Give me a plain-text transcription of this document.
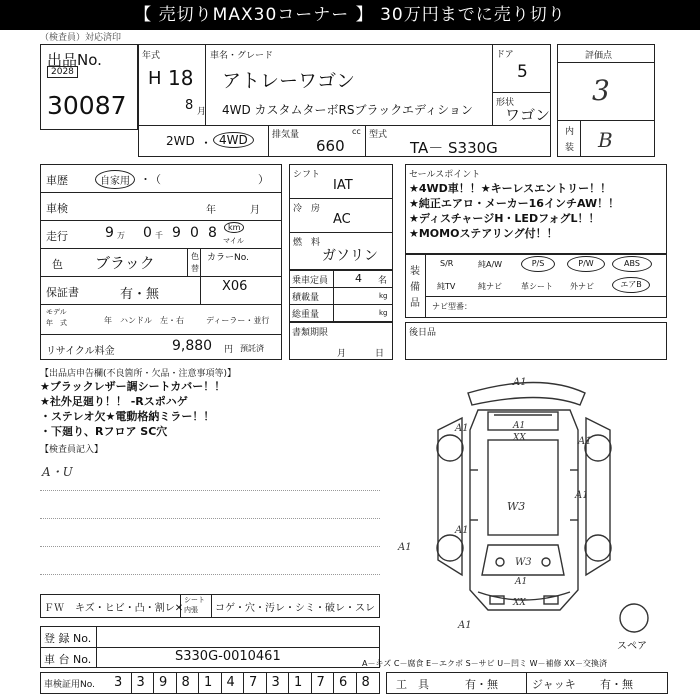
【 売切りMAX30コーナー 】 30万円までに売り切り
（検査員）対応済印
出品No.
2028
30087
年式
H 18
8 月
車名・グレード
アトレーワゴン
4WD カスタムターボRSブラックエディション
ドア
5
形状
ワゴン
2WD ・ 4WD	排気量	cc
660
型式
TA－ S330G
評価点
3
内
装 B
車歴	自家用 ・ （	）
車検	年	月
走行	9 万 0 千 9 0 8	km
マイル
色 ブラック	色
替
カラーNo.
X06
保証書	有・無
モデル
年　式	年 ハンドル　左・右	ディーラー・並行
リサイクル料金	9,880 円 預託済
シフト
IAT
冷　房
AC
燃　料
ガソリン
乗車定員 4 名
積載量	kg
総重量	kg
書類期限
月	日
セールスポイント
★4WD車！！★キーレスエントリー！！
★純正エアロ・メーカー16インチAW！！
★ディスチャージH・LEDフォグL！！
★MOMOステアリング付！！
装
備
品
S/R	純A/W	P/S	P/W	ABS
純TV	純ナビ 革シート 外ナビ	エアB
ナビ型番：
後日品
【出品店申告欄(不良箇所・欠品・注意事項等)】
★ブラックレザー調シートカバー！！
★社外足廻り！！ -Rスポハゲ
・ステレオ欠★電動格納ミラー！！
・下廻り、Rフロア SC穴
【検査員記入】
A・U
A1
A1	A1
XX	A1
W3
A1
A1
A1
W3
A1
XX
A1
スペア
ＦＷ キズ・ヒビ・凸・割レ✕
シート
内張 コゲ・穴・汚レ・シミ・破レ・スレ
登 録 No.
車 台 No.	S330G-0010461	A－キズ C－腐食 E－エクボ S－サビ U－凹ミ W－補修 XX－交換済
車検証用No. 3 3 9 8 1 4 7 3 1 7 6 8 工　具	有・無	ジャッキ 有・無
